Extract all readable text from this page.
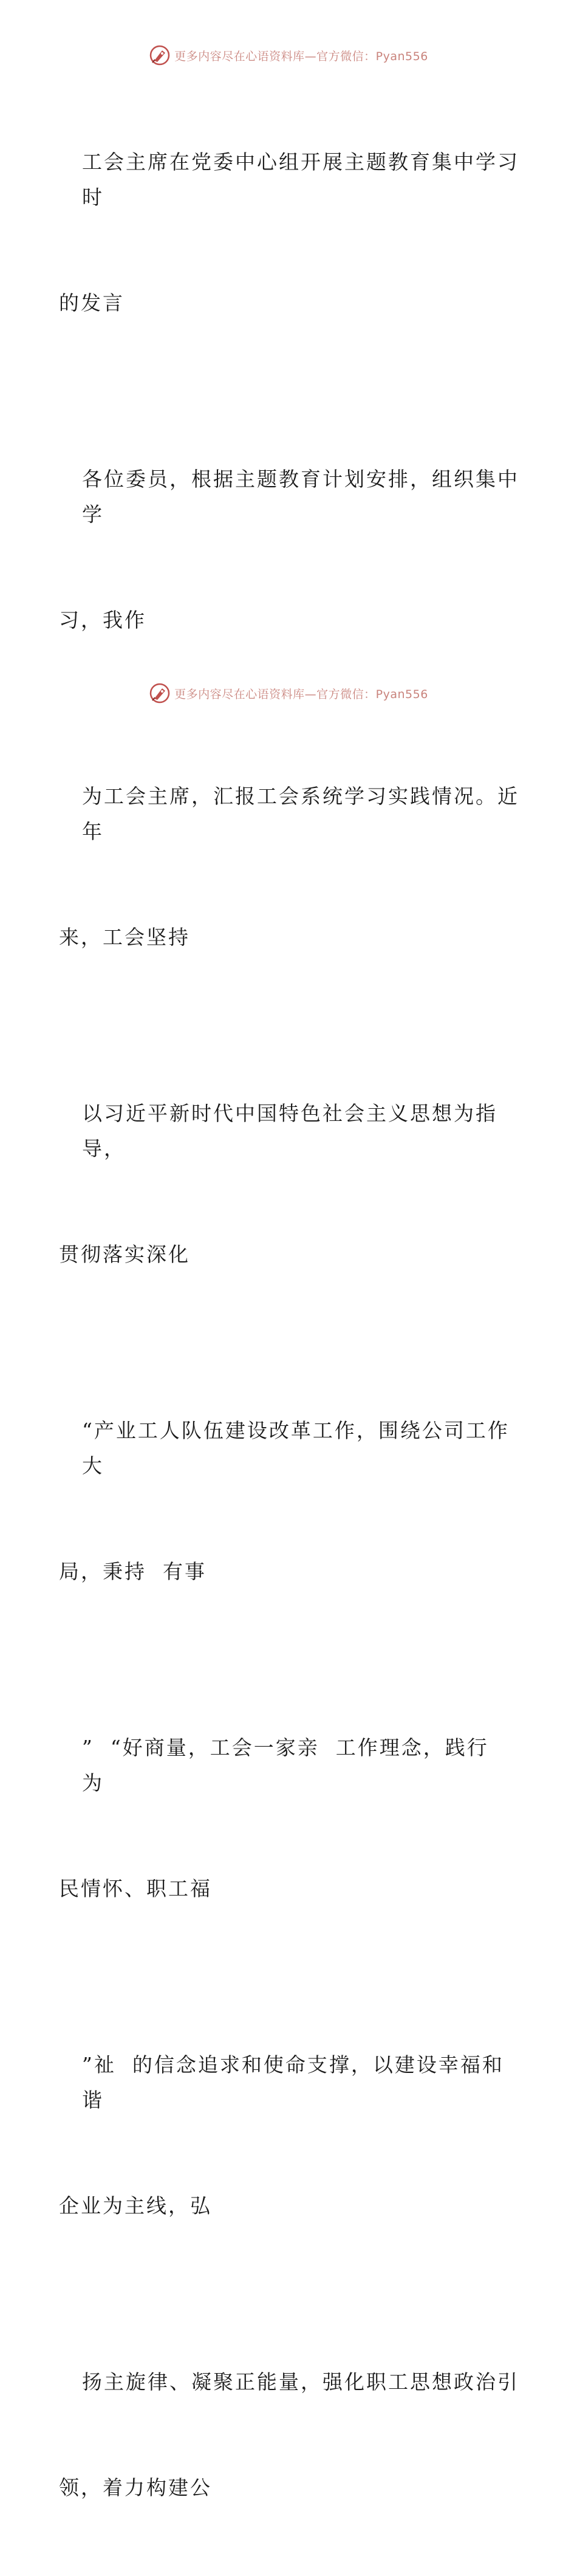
更多内容尽在心语资料库—官方微信：Pyan556

工会主席在党委中心组开展主题教育集中学习时

的发言

各位委员，根据主题教育计划安排，组织集中学

习，我作

为工会主席，汇报工会系统学习实践情况。近年

来，工会坚持

以习近平新时代中国特色社会主义思想为指导，

贯彻落实深化

“产业工人队伍建设改革工作，围绕公司工作大

局，秉持  有事

”  “好商量，工会一家亲  工作理念，践行  为

民情怀、职工福

”祉  的信念追求和使命支撑，以建设幸福和谐

企业为主线，弘

扬主旋律、凝聚正能量，强化职工思想政治引

领，着力构建公

更多内容尽在心语资料库—官方微信：Pyan556
